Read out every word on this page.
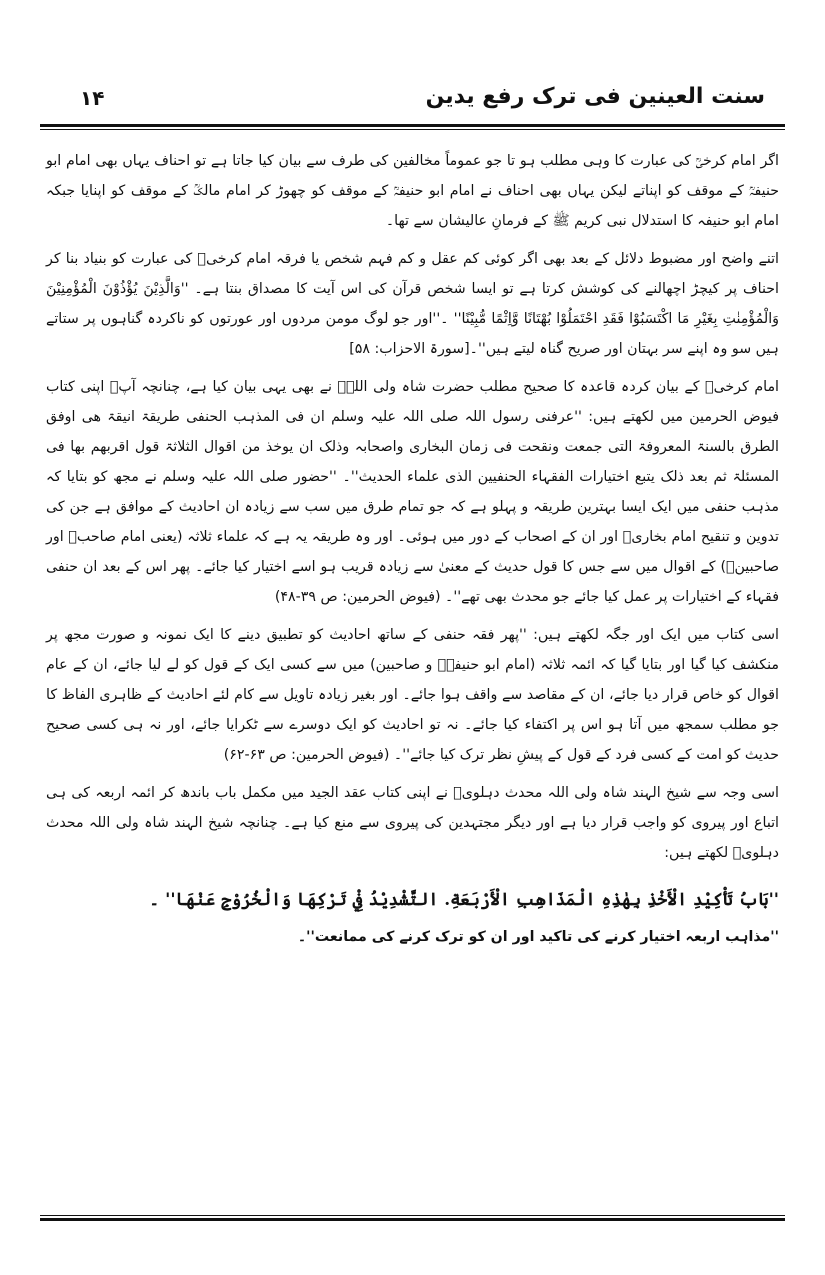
سنت العینین فی ترک رفع یدین
۱۴

اگر امام کرخیؒ کی عبارت کا وہی مطلب ہو تا جو عموماً مخالفین کی طرف سے بیان کیا جاتا ہے تو احناف یہاں بھی امام ابو حنیفہؒ کے موقف کو اپناتے لیکن یہاں بھی احناف نے امام ابو حنیفہؒ کے موقف کو چھوڑ کر امام مالکؒ کے موقف کو اپنایا جبکہ امام ابو حنیفہ کا استدلال نبی کریم ﷺ کے فرمانِ عالیشان سے تھا۔

اتنے واضح اور مضبوط دلائل کے بعد بھی اگر کوئی کم عقل و کم فہم شخص یا فرقہ امام کرخیؒ کی عبارت کو بنیاد بنا کر احناف پر کیچڑ اچھالنے کی کوشش کرتا ہے تو ایسا شخص قرآن کی اس آیت کا مصداق بنتا ہے۔ ''وَالَّذِيْنَ يُؤْذُوْنَ الْمُؤْمِنِيْنَ وَالْمُؤْمِنٰتِ بِغَيْرِ مَا اكْتَسَبُوْا فَقَدِ احْتَمَلُوْا بُهْتَانًا وَّاِثْمًا مُّبِيْنًا'' ۔''اور جو لوگ مومن مردوں اور عورتوں کو ناکردہ گناہوں پر ستاتے ہیں سو وہ اپنے سر بہتان اور صریح گناہ لیتے ہیں''۔[سورۃ الاحزاب: ۵۸]

امام کرخیؒ کے بیان کردہ قاعدہ کا صحیح مطلب حضرت شاہ ولی اللہؒ نے بھی یہی بیان کیا ہے، چنانچہ آپؒ اپنی کتاب فیوض الحرمین میں لکھتے ہیں: ''عرفنی رسول اللہ صلی اللہ علیہ وسلم ان فی المذہب الحنفی طریقۃ انیقۃ ھی اوفق الطرق بالسنۃ المعروفۃ التی جمعت ونقحت فی زمان البخاری واصحابہ وذلک ان یوخذ من اقوال الثلاثۃ قول اقربھم بھا فی المسئلۃ ثم بعد ذلک یتبع اختیارات الفقہاء الحنفیین الذی علماء الحدیث''۔ ''حضور صلی اللہ علیہ وسلم نے مجھ کو بتایا کہ مذہب حنفی میں ایک ایسا بہترین طریقہ و پہلو ہے کہ جو تمام طرق میں سب سے زیادہ ان احادیث کے موافق ہے جن کی تدوین و تنقیح امام بخاریؒ اور ان کے اصحاب کے دور میں ہوئی۔ اور وہ طریقہ یہ ہے کہ علماء ثلاثہ (یعنی امام صاحبؒ اور صاحبینؒ) کے اقوال میں سے جس کا قول حدیث کے معنیٰ سے زیادہ قریب ہو اسے اختیار کیا جائے۔ پھر اس کے بعد ان حنفی فقہاء کے اختیارات پر عمل کیا جائے جو محدث بھی تھے''۔ (فیوض الحرمین: ص ۳۹-۴۸)

اسی کتاب میں ایک اور جگہ لکھتے ہیں: ''پھر فقہ حنفی کے ساتھ احادیث کو تطبیق دینے کا ایک نمونہ و صورت مجھ پر منکشف کیا گیا اور بتایا گیا کہ ائمہ ثلاثہ (امام ابو حنیفہؒ و صاحبین) میں سے کسی ایک کے قول کو لے لیا جائے، ان کے عام اقوال کو خاص قرار دیا جائے، ان کے مقاصد سے واقف ہوا جائے۔ اور بغیر زیادہ تاویل سے کام لئے احادیث کے ظاہری الفاظ کا جو مطلب سمجھ میں آتا ہو اس پر اکتفاء کیا جائے۔ نہ تو احادیث کو ایک دوسرے سے ٹکرایا جائے، اور نہ ہی کسی صحیح حدیث کو امت کے کسی فرد کے قول کے پیشِ نظر ترک کیا جائے''۔ (فیوض الحرمین: ص ۶۳-۶۲)

اسی وجہ سے شیخ الہند شاہ ولی اللہ محدث دہلویؒ نے اپنی کتاب عقد الجید میں مکمل باب باندھ کر ائمہ اربعہ کی ہی اتباع اور پیروی کو واجب قرار دیا ہے اور دیگر مجتہدین کی پیروی سے منع کیا ہے۔ چنانچہ شیخ الہند شاہ ولی اللہ محدث دہلویؒ لکھتے ہیں:

''بَابُ تَأْكِيْدِ الْأَخْذِ بِهٰذِهِ الْمَذَاهِبِ الْأَرْبَعَةِ. التَّشْدِيْدُ فِيْ تَرْكِهَا وَالْخُرُوْجِ عَنْهَا'' ۔

''مذاہب اربعہ اختیار کرنے کی تاکید اور ان کو ترک کرنے کی ممانعت''۔
